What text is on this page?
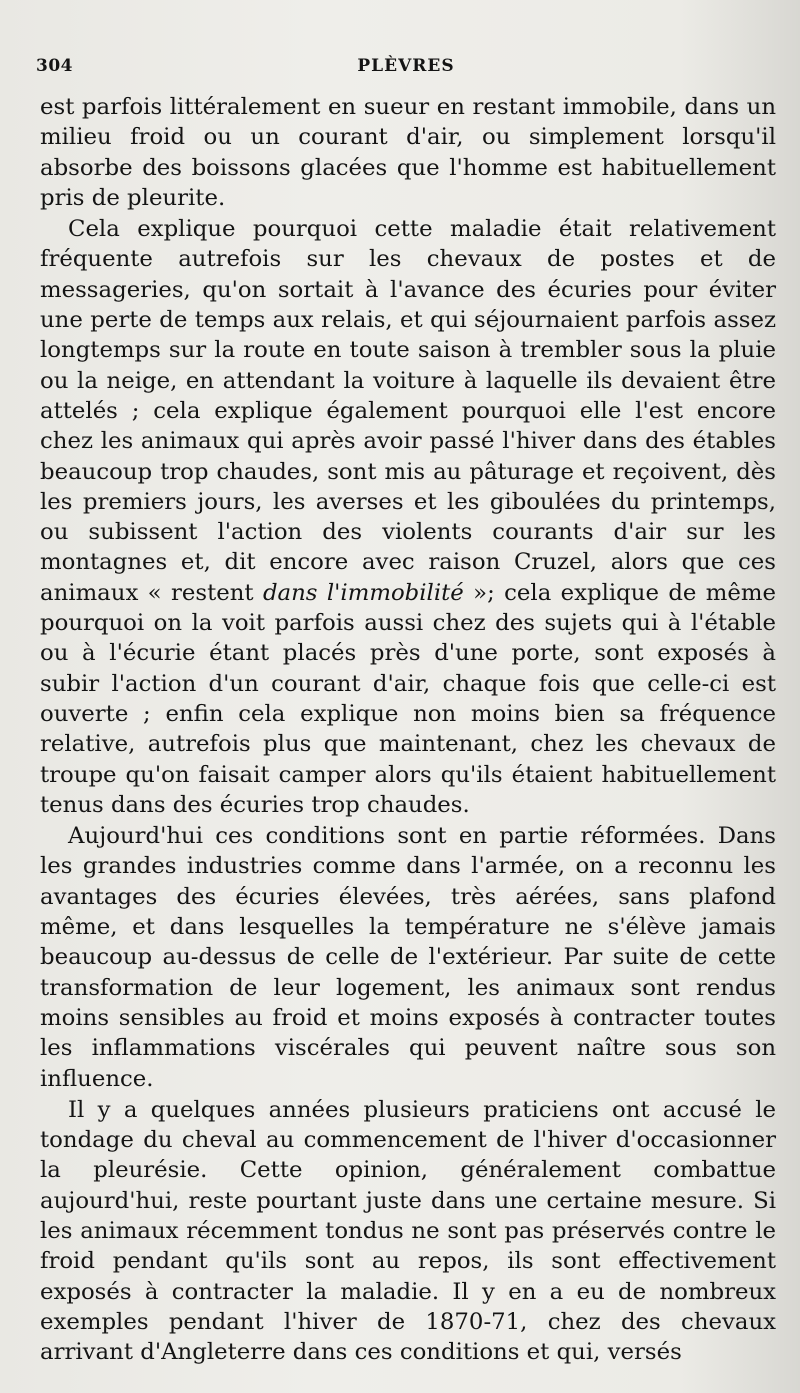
304	PLÈVRES

est parfois littéralement en sueur en restant immobile, dans un milieu froid ou un courant d'air, ou simplement lorsqu'il absorbe des boissons glacées que l'homme est habituellement pris de pleurite.

Cela explique pourquoi cette maladie était relativement fréquente autrefois sur les chevaux de postes et de messageries, qu'on sortait à l'avance des écuries pour éviter une perte de temps aux relais, et qui séjournaient parfois assez longtemps sur la route en toute saison à trembler sous la pluie ou la neige, en attendant la voiture à laquelle ils devaient être attelés ; cela explique également pourquoi elle l'est encore chez les animaux qui après avoir passé l'hiver dans des étables beaucoup trop chaudes, sont mis au pâturage et reçoivent, dès les premiers jours, les averses et les giboulées du printemps, ou subissent l'action des violents courants d'air sur les montagnes et, dit encore avec raison Cruzel, alors que ces animaux « restent dans l'immobilité »; cela explique de même pourquoi on la voit parfois aussi chez des sujets qui à l'étable ou à l'écurie étant placés près d'une porte, sont exposés à subir l'action d'un courant d'air, chaque fois que celle-ci est ouverte ; enfin cela explique non moins bien sa fréquence relative, autrefois plus que maintenant, chez les chevaux de troupe qu'on faisait camper alors qu'ils étaient habituellement tenus dans des écuries trop chaudes.

Aujourd'hui ces conditions sont en partie réformées. Dans les grandes industries comme dans l'armée, on a reconnu les avantages des écuries élevées, très aérées, sans plafond même, et dans lesquelles la température ne s'élève jamais beaucoup au-dessus de celle de l'extérieur. Par suite de cette transformation de leur logement, les animaux sont rendus moins sensibles au froid et moins exposés à contracter toutes les inflammations viscérales qui peuvent naître sous son influence.

Il y a quelques années plusieurs praticiens ont accusé le tondage du cheval au commencement de l'hiver d'occasionner la pleurésie. Cette opinion, généralement combattue aujourd'hui, reste pourtant juste dans une certaine mesure. Si les animaux récemment tondus ne sont pas préservés contre le froid pendant qu'ils sont au repos, ils sont effectivement exposés à contracter la maladie. Il y en a eu de nombreux exemples pendant l'hiver de 1870-71, chez des chevaux arrivant d'Angleterre dans ces conditions et qui, versés
